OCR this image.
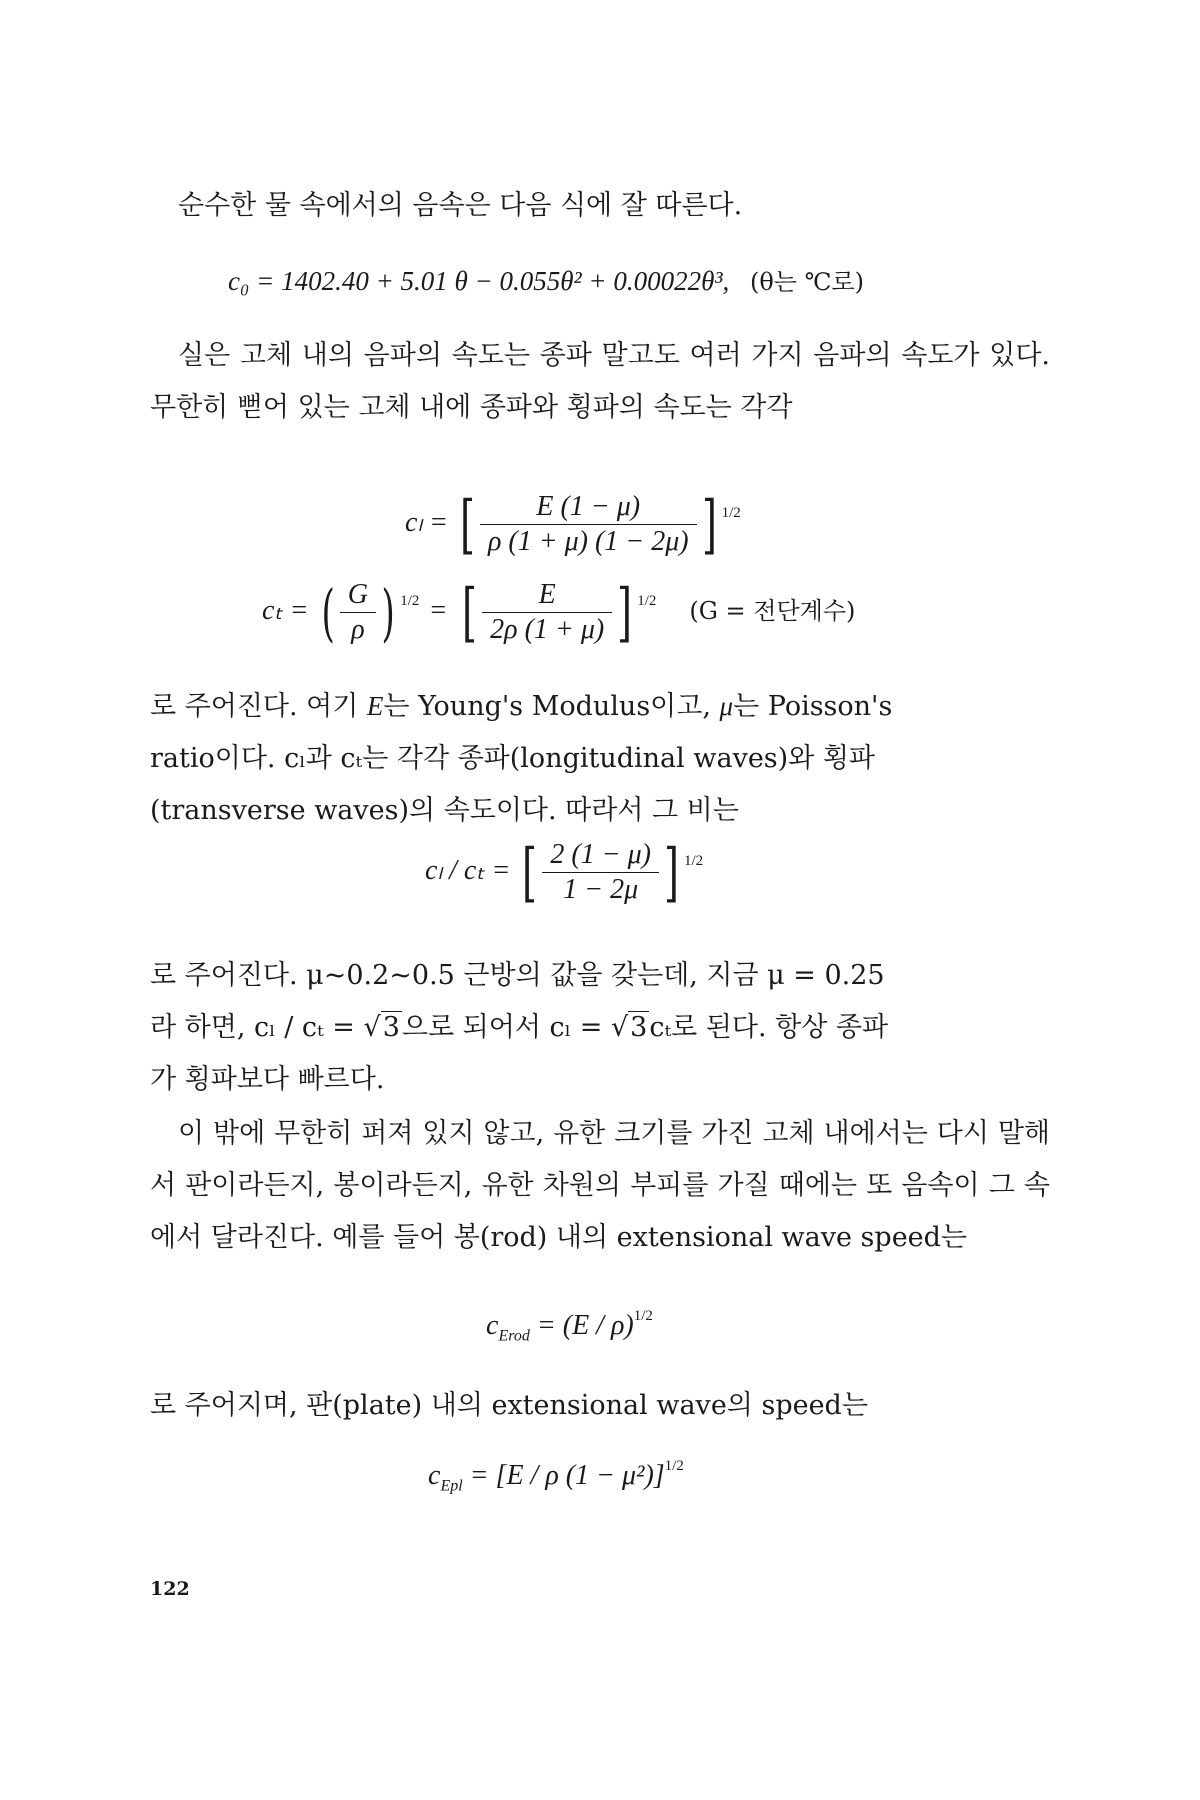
순수한 물 속에서의 음속은 다음 식에 잘 따른다.

c₀ = 1402.40 + 5.01 θ − 0.055θ² + 0.00022θ³, (θ는 ℃로)

실은 고체 내의 음파의 속도는 종파 말고도 여러 가지 음파의 속도가 있다. 무한히 뻗어 있는 고체 내에 종파와 횡파의 속도는 각각

cₗ = [ $\frac{E (1 - \mu)}{\rho (1 + \mu) (1 - 2\mu)}$ ] $^{1/2}$
cₜ = ( $\frac{G}{\rho}$ ) $^{1/2}$ = [ $\frac{E}{2\rho (1 + \mu)}$ ] $^{1/2}$ (G = 전단계수)
로 주어진다. 여기 E는 Young's Modulus이고, μ는 Poisson's
ratio이다. cₗ과 cₜ는 각각 종파(longitudinal waves)와 횡파
(transverse waves)의 속도이다. 따라서 그 비는
cₗ / cₜ = [ $\frac{2 (1 - \mu)}{1 - 2\mu}$ ] $^{1/2}$
로 주어진다. μ~0.2~0.5 근방의 값을 갖는데, 지금 μ = 0.25
라 하면, cₗ / cₜ = √3으로 되어서 cₗ = √3cₜ로 된다. 항상 종파
가 횡파보다 빠르다.

이 밖에 무한히 퍼져 있지 않고, 유한 크기를 가진 고체 내에서는 다시 말해서 판이라든지, 봉이라든지, 유한 차원의 부피를 가질 때에는 또 음속이 그 속에서 달라진다. 예를 들어 봉(rod) 내의 extensional wave speed는

$c_{Erod} = (E / \rho)^{1/2}$

로 주어지며, 판(plate) 내의 extensional wave의 speed는

$c_{Epl} = [E / \rho$ (1 − μ²)]$^{1/2}$
122
